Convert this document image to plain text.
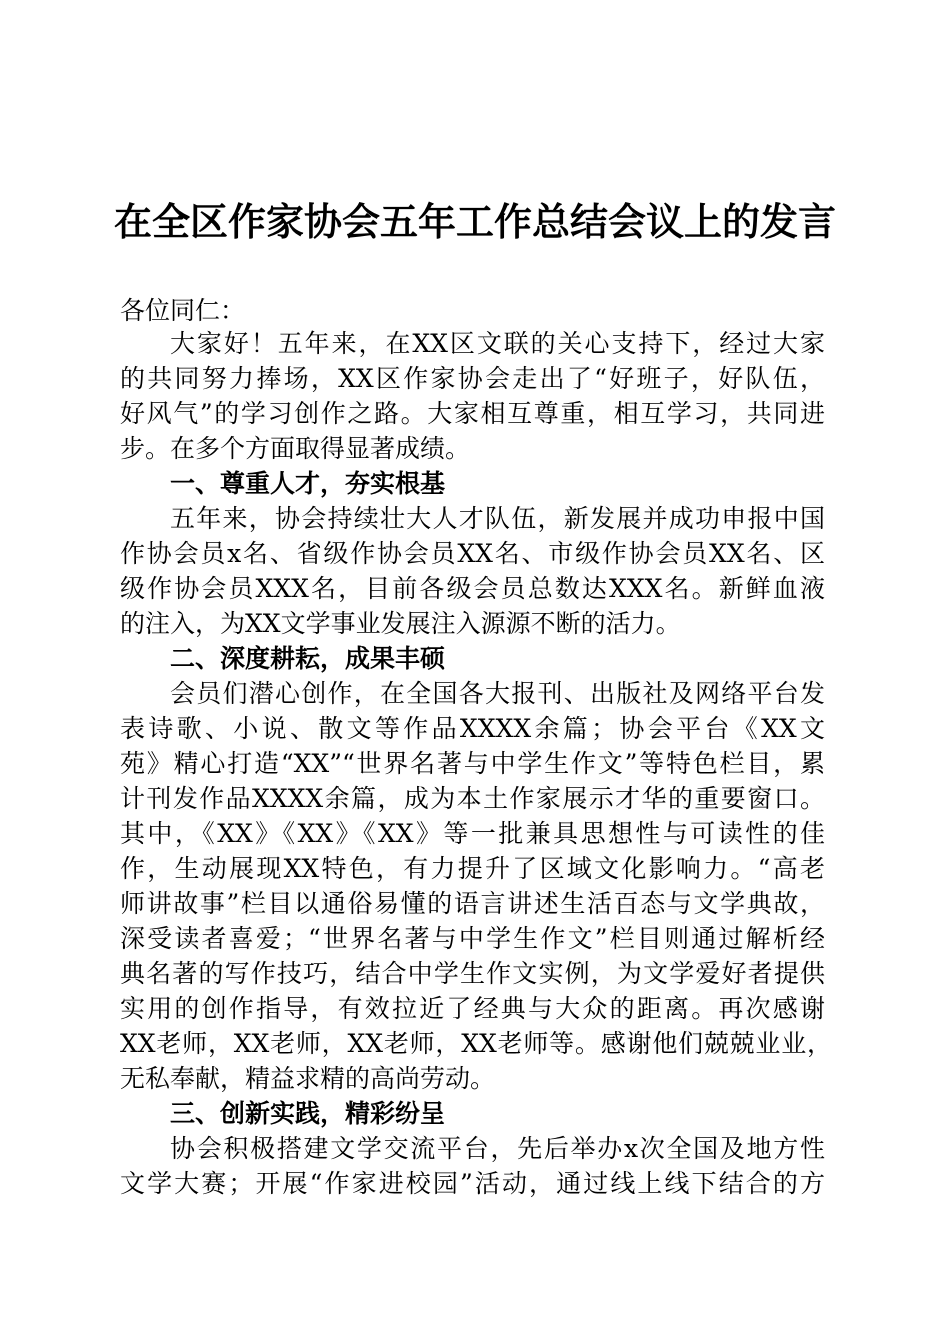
在全区作家协会五年工作总结会议上的发言

各位同仁：

大家好！五年来，在XX区文联的关心支持下，经过大家

的共同努力捧场，XX区作家协会走出了“好班子，好队伍，

好风气”的学习创作之路。大家相互尊重，相互学习，共同进

步。在多个方面取得显著成绩。

一、尊重人才，夯实根基

五年来，协会持续壮大人才队伍，新发展并成功申报中国

作协会员x名、省级作协会员XX名、市级作协会员XX名、区

级作协会员XXX名，目前各级会员总数达XXX名。新鲜血液

的注入，为XX文学事业发展注入源源不断的活力。

二、深度耕耘，成果丰硕

会员们潜心创作，在全国各大报刊、出版社及网络平台发

表诗歌、小说、散文等作品XXXX余篇；协会平台《XX文

苑》精心打造“XX”“世界名著与中学生作文”等特色栏目，累

计刊发作品XXXX余篇，成为本土作家展示才华的重要窗口。

其中，《XX》《XX》《XX》等一批兼具思想性与可读性的佳

作，生动展现XX特色，有力提升了区域文化影响力。“高老

师讲故事”栏目以通俗易懂的语言讲述生活百态与文学典故，

深受读者喜爱；“世界名著与中学生作文”栏目则通过解析经

典名著的写作技巧，结合中学生作文实例，为文学爱好者提供

实用的创作指导，有效拉近了经典与大众的距离。再次感谢

XX老师，XX老师，XX老师，XX老师等。感谢他们兢兢业业，

无私奉献，精益求精的高尚劳动。

三、创新实践，精彩纷呈

协会积极搭建文学交流平台，先后举办x次全国及地方性

文学大赛；开展“作家进校园”活动，通过线上线下结合的方
